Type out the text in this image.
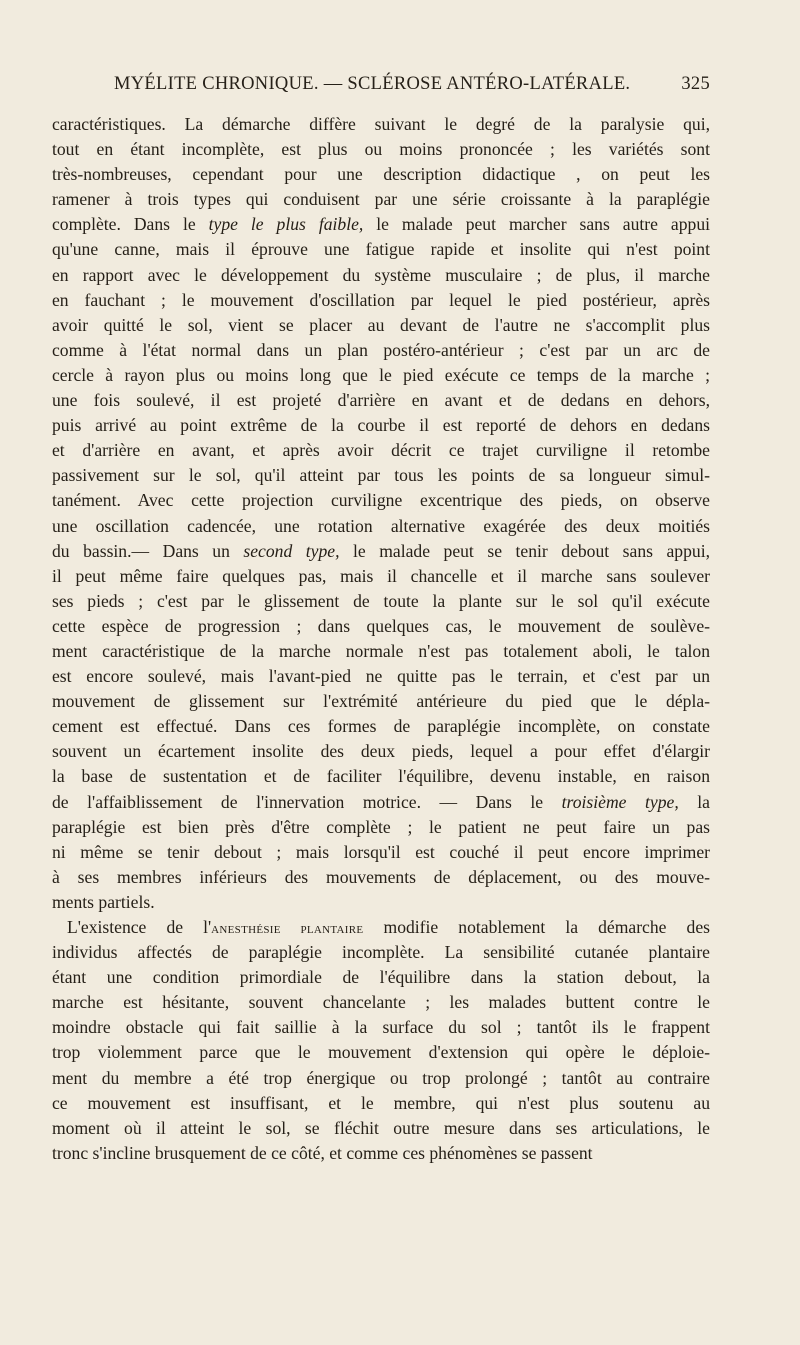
MYÉLITE CHRONIQUE. — SCLÉROSE ANTÉRO-LATÉRALE.	325
caractéristiques. La démarche diffère suivant le degré de la paralysie qui,
tout en étant incomplète, est plus ou moins prononcée ; les variétés sont
très-nombreuses, cependant pour une description didactique , on peut les
ramener à trois types qui conduisent par une série croissante à la paraplégie
complète. Dans le type le plus faible, le malade peut marcher sans autre appui
qu'une canne, mais il éprouve une fatigue rapide et insolite qui n'est point
en rapport avec le développement du système musculaire ; de plus, il marche
en fauchant ; le mouvement d'oscillation par lequel le pied postérieur, après
avoir quitté le sol, vient se placer au devant de l'autre ne s'accomplit plus
comme à l'état normal dans un plan postéro-antérieur ; c'est par un arc de
cercle à rayon plus ou moins long que le pied exécute ce temps de la marche ;
une fois soulevé, il est projeté d'arrière en avant et de dedans en dehors,
puis arrivé au point extrême de la courbe il est reporté de dehors en dedans
et d'arrière en avant, et après avoir décrit ce trajet curviligne il retombe
passivement sur le sol, qu'il atteint par tous les points de sa longueur simul-
tanément. Avec cette projection curviligne excentrique des pieds, on observe
une oscillation cadencée, une rotation alternative exagérée des deux moitiés
du bassin.— Dans un second type, le malade peut se tenir debout sans appui,
il peut même faire quelques pas, mais il chancelle et il marche sans soulever
ses pieds ; c'est par le glissement de toute la plante sur le sol qu'il exécute
cette espèce de progression ; dans quelques cas, le mouvement de soulève-
ment caractéristique de la marche normale n'est pas totalement aboli, le talon
est encore soulevé, mais l'avant-pied ne quitte pas le terrain, et c'est par un
mouvement de glissement sur l'extrémité antérieure du pied que le dépla-
cement est effectué. Dans ces formes de paraplégie incomplète, on constate
souvent un écartement insolite des deux pieds, lequel a pour effet d'élargir
la base de sustentation et de faciliter l'équilibre, devenu instable, en raison
de l'affaiblissement de l'innervation motrice. — Dans le troisième type, la
paraplégie est bien près d'être complète ; le patient ne peut faire un pas
ni même se tenir debout ; mais lorsqu'il est couché il peut encore imprimer
à ses membres inférieurs des mouvements de déplacement, ou des mouve-
ments partiels.
L'existence de l'anesthésie plantaire modifie notablement la démarche des
individus affectés de paraplégie incomplète. La sensibilité cutanée plantaire
étant une condition primordiale de l'équilibre dans la station debout, la
marche est hésitante, souvent chancelante ; les malades buttent contre le
moindre obstacle qui fait saillie à la surface du sol ; tantôt ils le frappent
trop violemment parce que le mouvement d'extension qui opère le déploie-
ment du membre a été trop énergique ou trop prolongé ; tantôt au contraire
ce mouvement est insuffisant, et le membre, qui n'est plus soutenu au
moment où il atteint le sol, se fléchit outre mesure dans ses articulations, le
tronc s'incline brusquement de ce côté, et comme ces phénomènes se passent
